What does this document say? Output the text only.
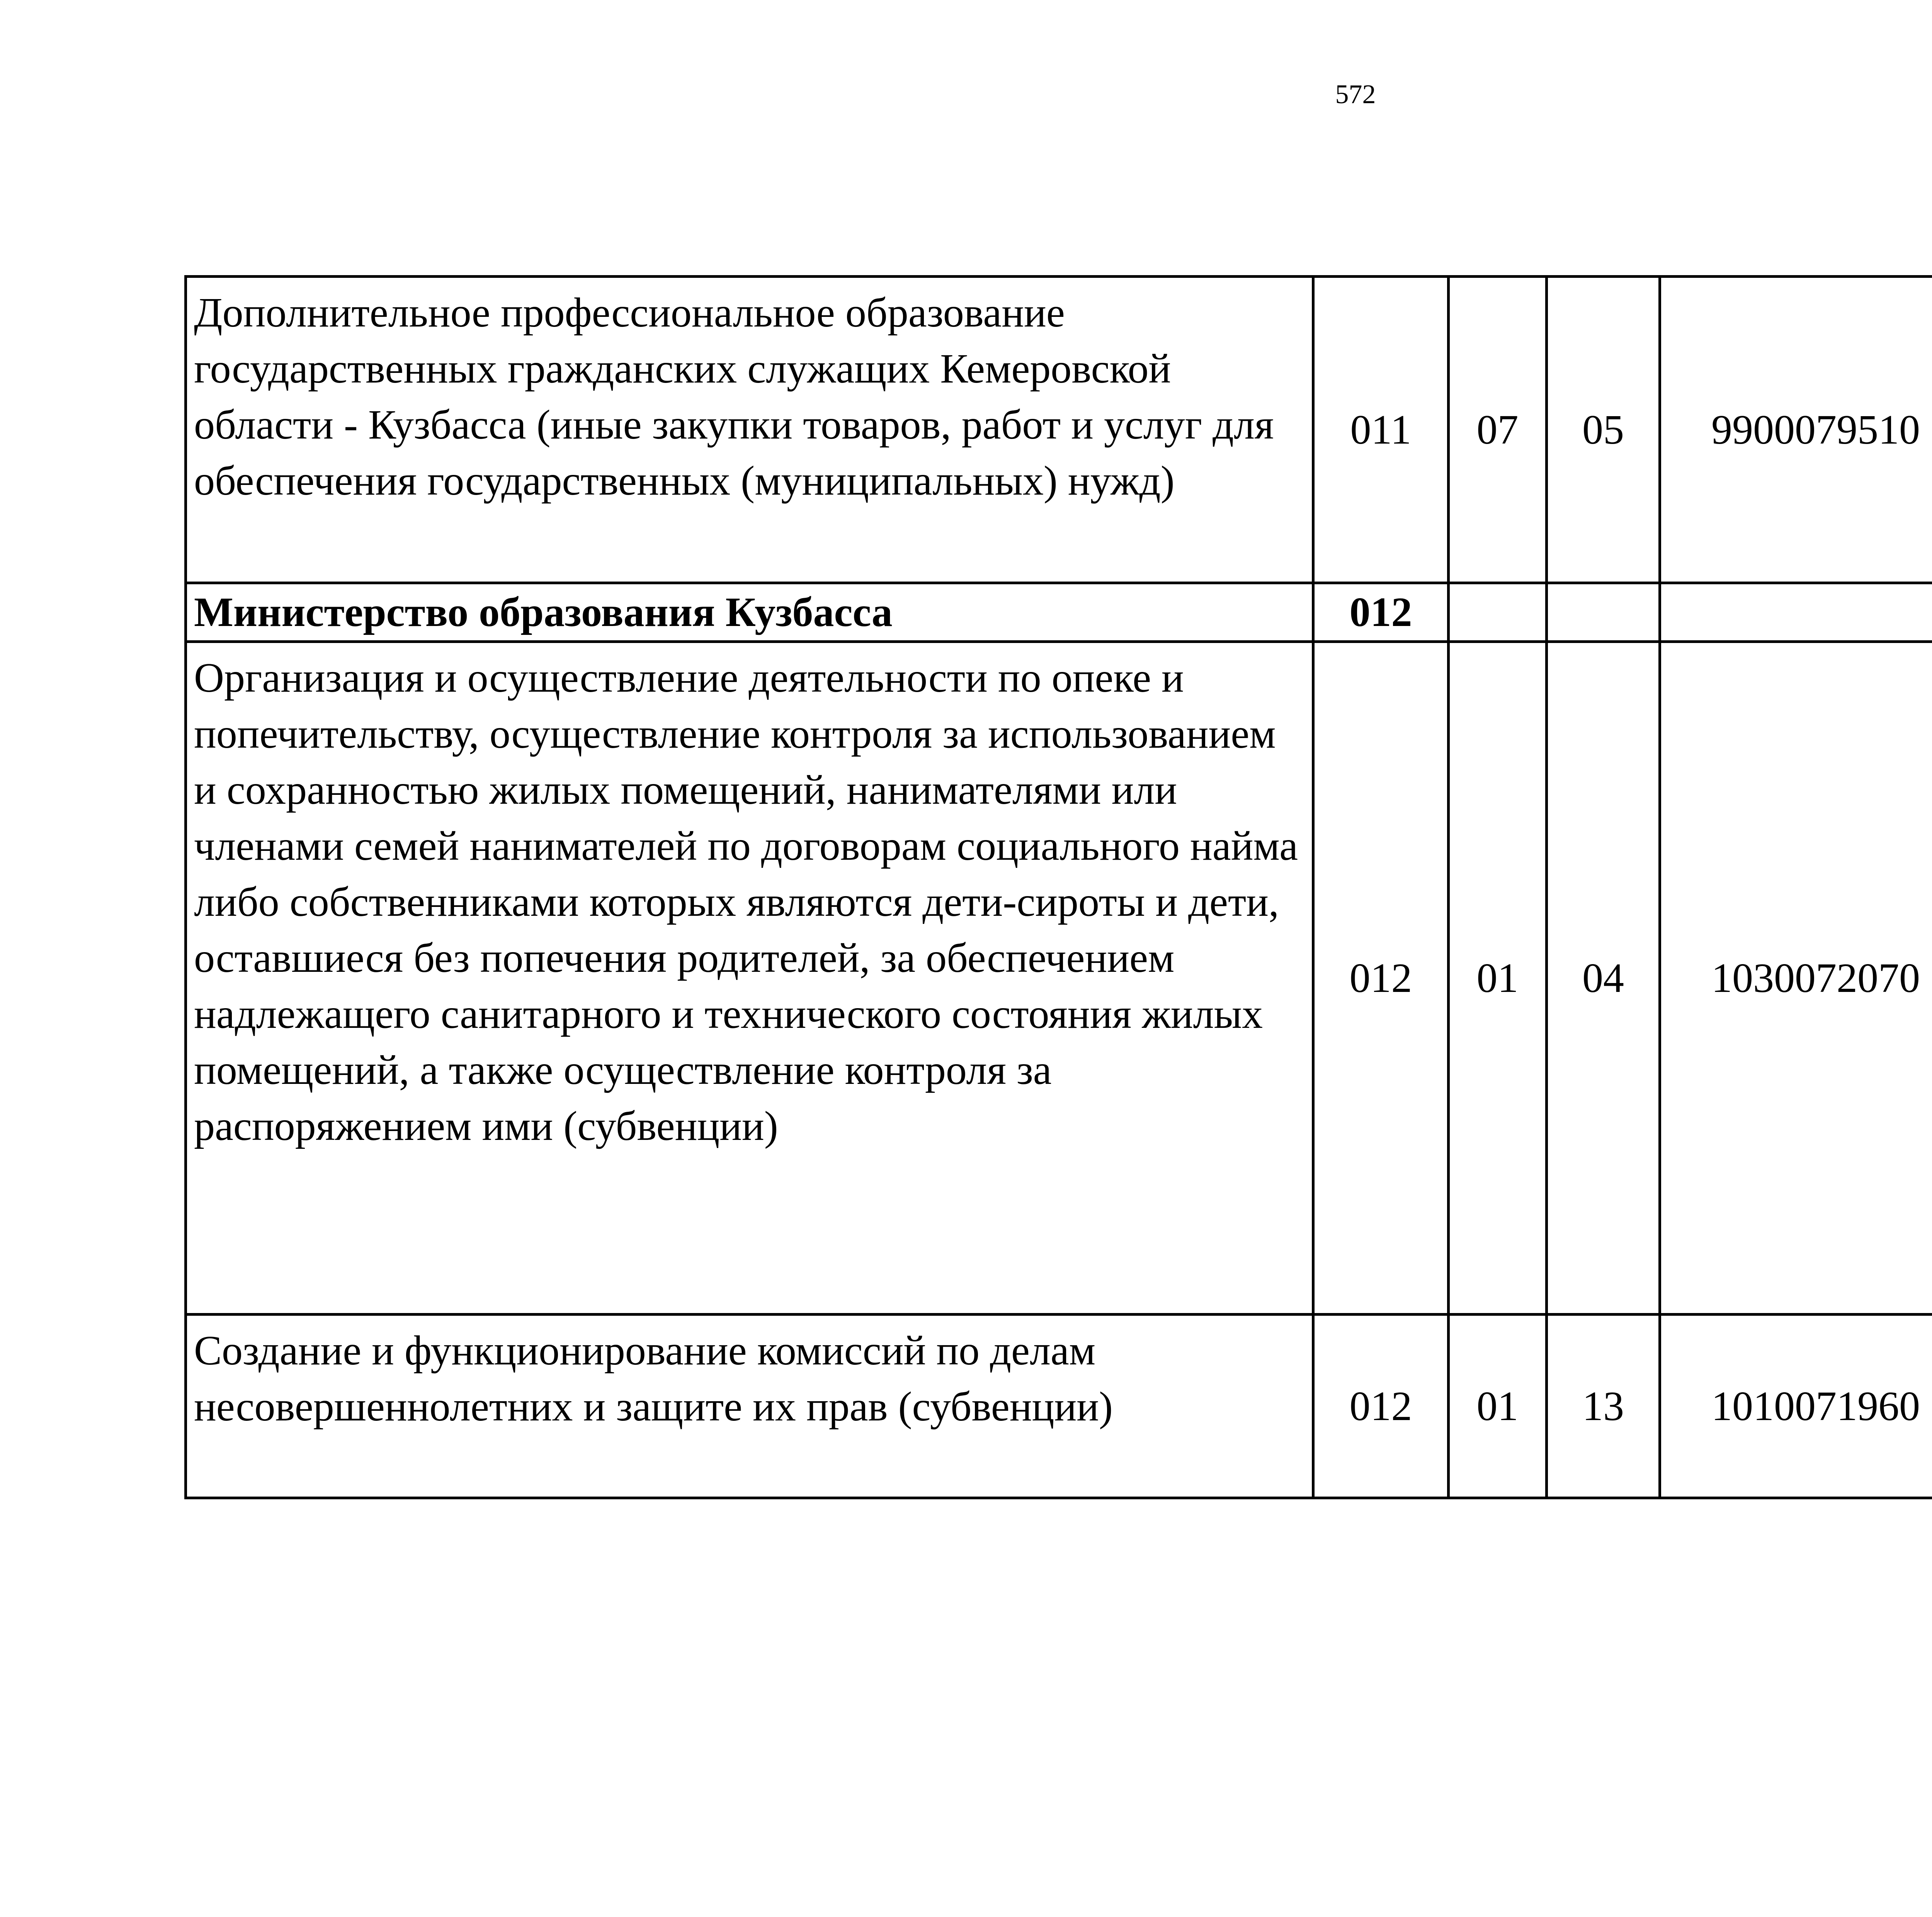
572
Дополнительное профессиональное образование государственных гражданских служащих Кемеровской области - Кузбасса (иные закупки товаров, работ и услуг для обеспечения государственных (муниципальных) нужд)	011	07	05	9900079510		
Министерство образования Кузбасса	012					
Организация и осуществление деятельности по опеке и попечительству, осуществление контроля за использованием и сохранностью жилых помещений, нанимателями или членами семей нанимателей по договорам социального найма либо собственниками которых являются дети-сироты и дети, оставшиеся без попечения родителей, за обеспечением надлежащего санитарного и технического состояния жилых помещений, а также осуществление контроля за распоряжением ими (субвенции)	012	01	04	1030072070		
Создание и функционирование комиссий по делам несовершеннолетних и защите их прав (субвенции)	012	01	13	1010071960		
